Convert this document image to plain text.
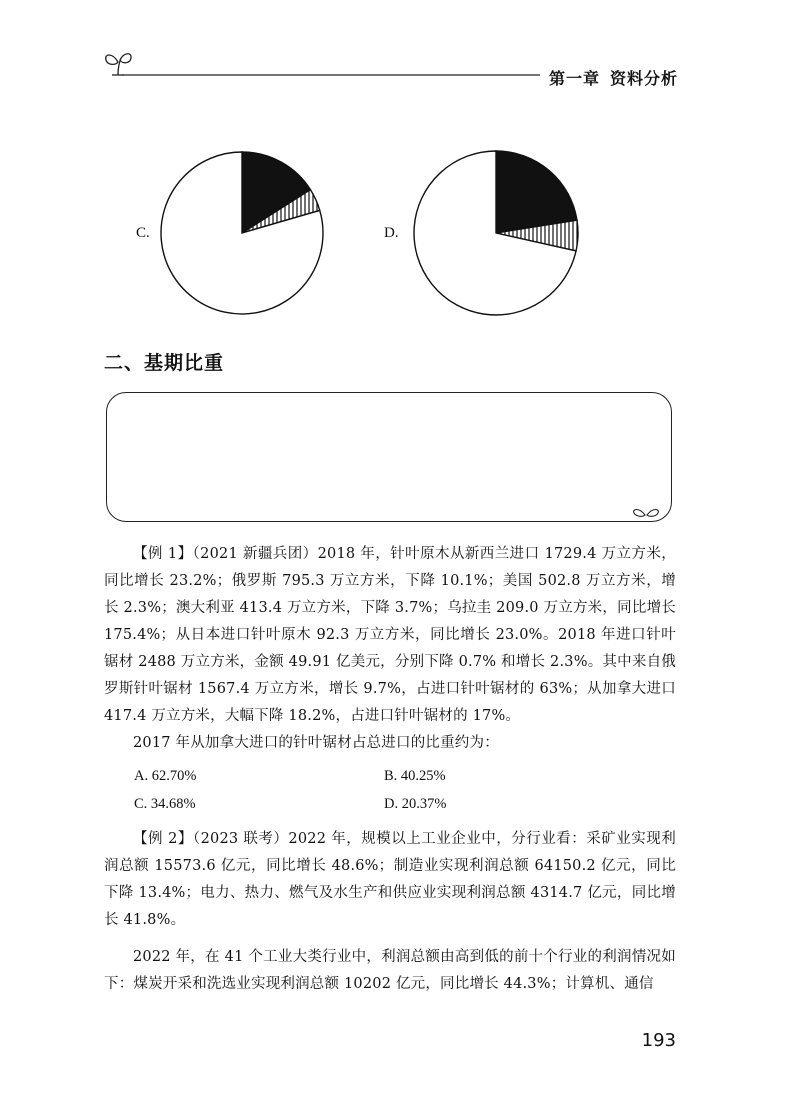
第一章 资料分析
C.	D.
二、基期比重

【例 1】（2021 新疆兵团）2018 年，针叶原木从新西兰进口 1729.4 万立方米，同比增长 23.2%；俄罗斯 795.3 万立方米，下降 10.1%；美国 502.8 万立方米，增长 2.3%；澳大利亚 413.4 万立方米，下降 3.7%；乌拉圭 209.0 万立方米，同比增长 175.4%；从日本进口针叶原木 92.3 万立方米，同比增长 23.0%。2018 年进口针叶锯材 2488 万立方米，金额 49.91 亿美元，分别下降 0.7% 和增长 2.3%。其中来自俄罗斯针叶锯材 1567.4 万立方米，增长 9.7%，占进口针叶锯材的 63%；从加拿大进口 417.4 万立方米，大幅下降 18.2%，占进口针叶锯材的 17%。

2017 年从加拿大进口的针叶锯材占总进口的比重约为：

A. 62.70%	B. 40.25%
C. 34.68%	D. 20.37%

【例 2】（2023 联考）2022 年，规模以上工业企业中，分行业看：采矿业实现利润总额 15573.6 亿元，同比增长 48.6%；制造业实现利润总额 64150.2 亿元，同比下降 13.4%；电力、热力、燃气及水生产和供应业实现利润总额 4314.7 亿元，同比增长 41.8%。

2022 年，在 41 个工业大类行业中，利润总额由高到低的前十个行业的利润情况如下：煤炭开采和洗选业实现利润总额 10202 亿元，同比增长 44.3%；计算机、通信

193
